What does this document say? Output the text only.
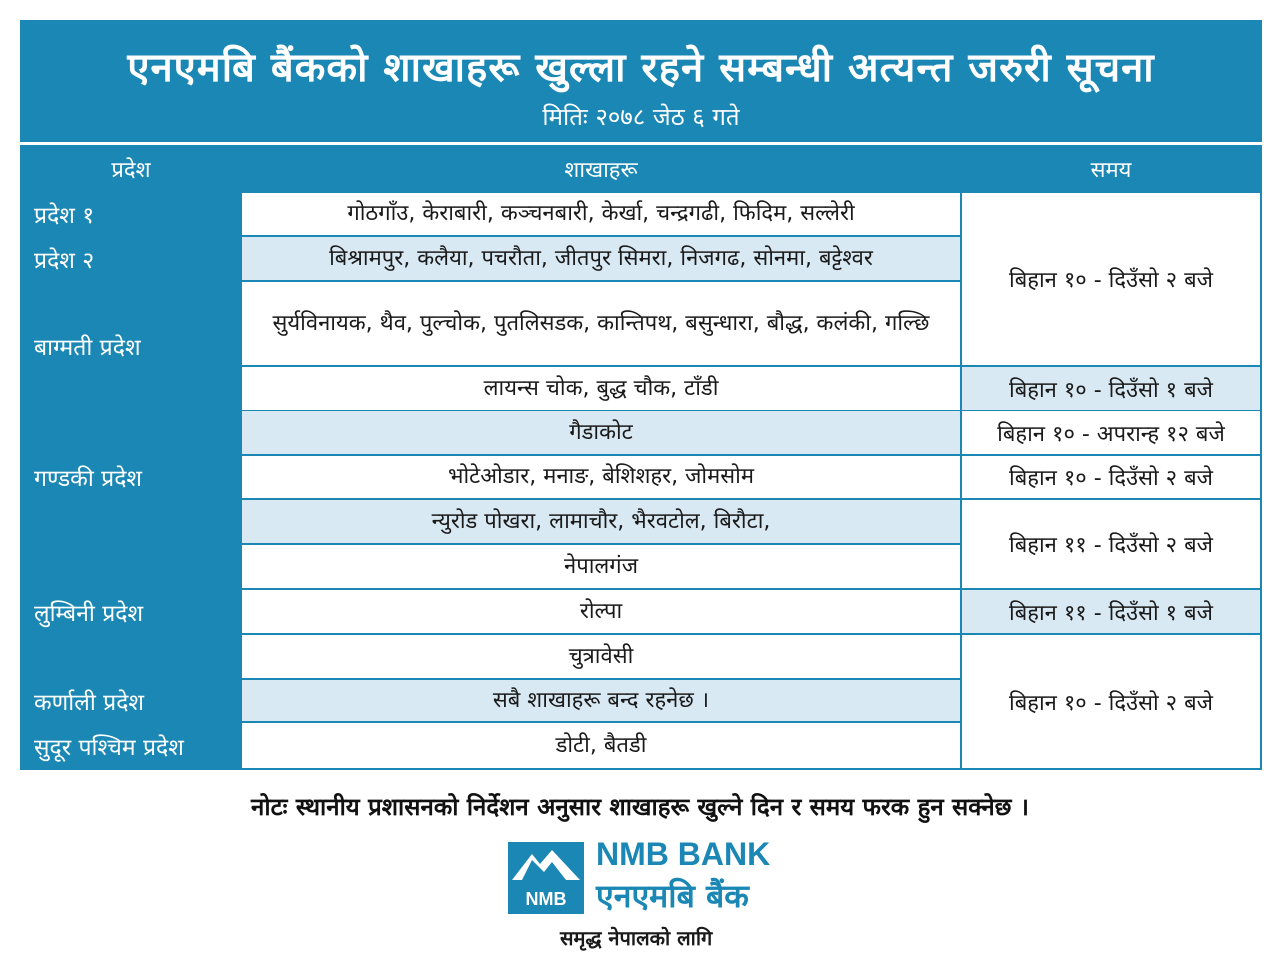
एनएमबि बैंकको शाखाहरू खुल्ला रहने सम्बन्धी अत्यन्त जरुरी सूचना
मितिः २०७८ जेठ ६ गते
प्रदेश	शाखाहरू	समय
प्रदेश १
प्रदेश २
बाग्मती प्रदेश
गण्डकी प्रदेश
लुम्बिनी प्रदेश
कर्णाली प्रदेश
सुदूर पश्चिम प्रदेश
गोठगाँउ, केराबारी, कञ्चनबारी, केर्खा, चन्द्रगढी, फिदिम, सल्लेरी
बिश्रामपुर, कलैया, पचरौता, जीतपुर सिमरा, निजगढ, सोनमा, बट्टेश्वर
सुर्यविनायक, थैव, पुल्चोक, पुतलिसडक, कान्तिपथ, बसुन्धारा, बौद्ध, कलंकी, गल्छि
लायन्स चोक, बुद्ध चौक, टाँडी
गैडाकोट
भोटेओडार, मनाङ, बेशिशहर, जोमसोम
न्युरोड पोखरा, लामाचौर, भैरवटोल, बिरौटा,
नेपालगंज
रोल्पा
चुत्रावेसी
सबै शाखाहरू बन्द रहनेछ ।
डोटी, बैतडी
बिहान १० - दिउँसो २ बजे
बिहान १० - दिउँसो १ बजे
बिहान १० - अपरान्ह १२ बजे
बिहान १० - दिउँसो २ बजे
बिहान ११ - दिउँसो २ बजे
बिहान ११ - दिउँसो १ बजे
बिहान १० - दिउँसो २ बजे
नोटः स्थानीय प्रशासनको निर्देशन अनुसार शाखाहरू खुल्ने दिन र समय फरक हुन सक्नेछ ।
NMB
NMB BANK
एनएमबि बैंक
समृद्ध नेपालको लागि
